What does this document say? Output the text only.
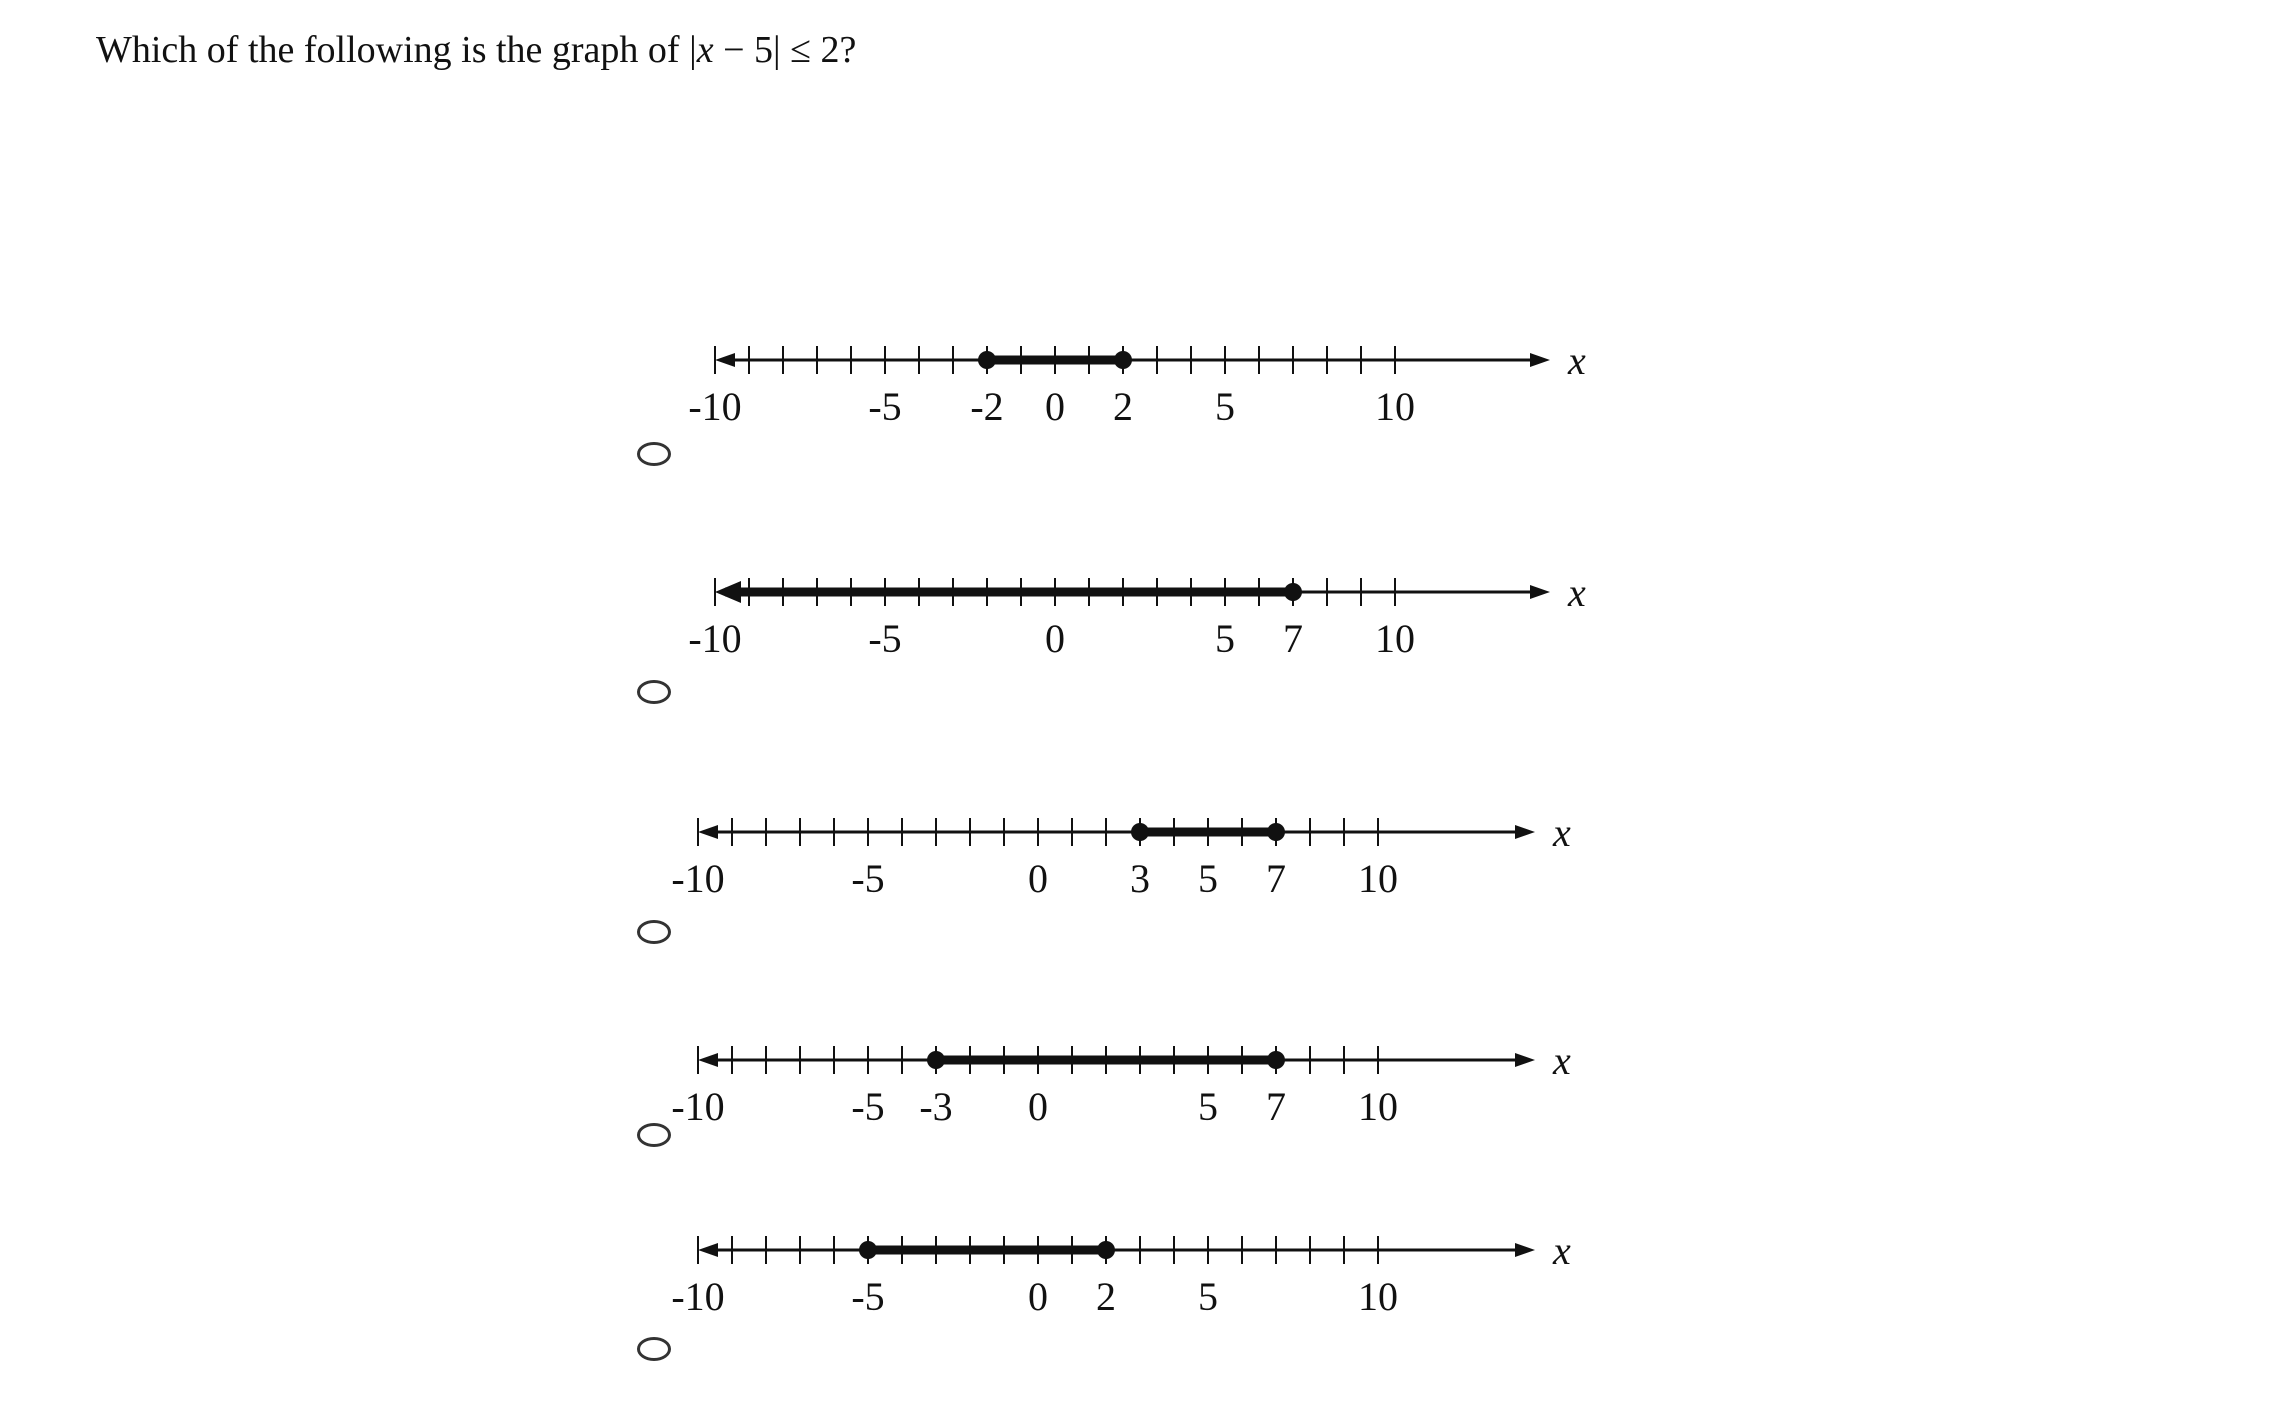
Which of the following is the graph of |x − 5| ≤ 2?
-10	-5 -2 0 2 5	10
x
-10	-5	0	5 7 10
x
-10	-5	0 3 5 7 10
x
-10	-5 -3 0	5 7 10
x
-10	-5	0 2 5	10
x
